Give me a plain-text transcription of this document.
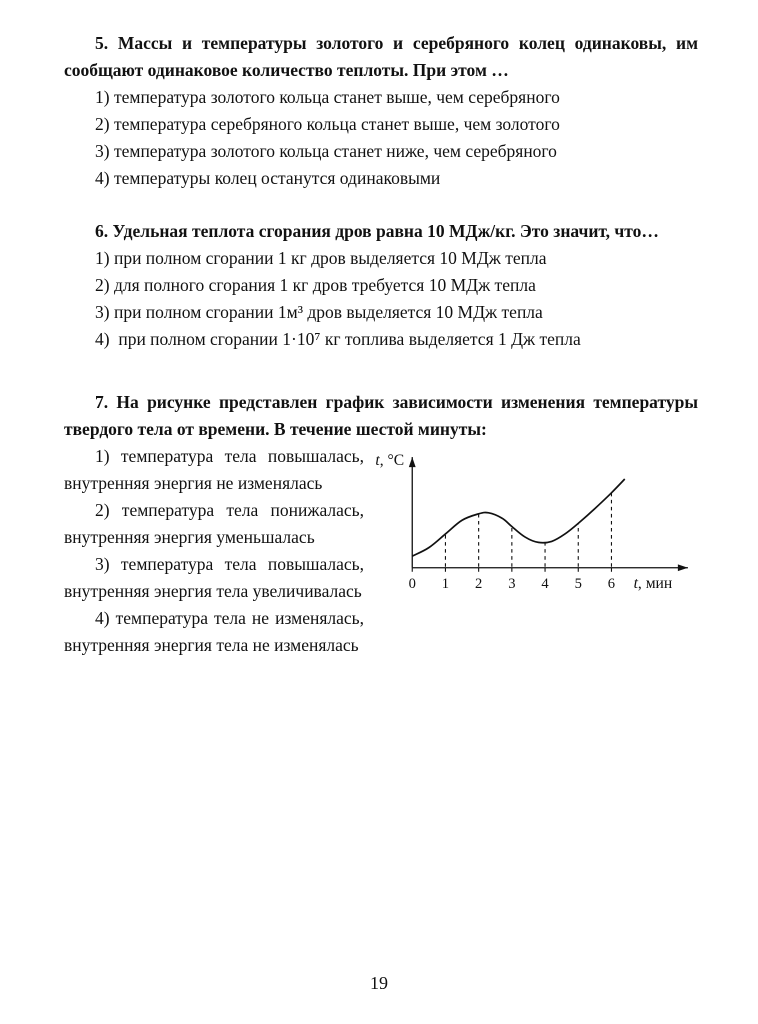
5. Массы и температуры золотого и серебряного колец одинаковы, им сообщают одинаковое количество теплоты. При этом …

1) температура золотого кольца станет выше, чем серебряного

2) температура серебряного кольца станет выше, чем золотого

3) температура золотого кольца станет ниже, чем серебряного

4) температуры колец останутся одинаковыми

6. Удельная теплота сгорания дров равна 10 МДж/кг. Это значит, что…

1) при полном сгорании 1 кг дров выделяется 10 МДж тепла

2) для полного сгорания 1 кг дров требуется 10 МДж тепла

3) при полном сгорании 1м³ дров выделяется 10 МДж тепла

4)  при полном сгорании 1·10⁷ кг топлива выделяется 1 Дж тепла

7. На рисунке представлен график зависимости изменения температуры твердого тела от времени. В течение шестой минуты:

1) температура тела повышалась, внутренняя энергия не изменялась

2) температура тела понижалась, внутренняя энергия уменьшалась

3) температура тела повышалась, внутренняя энергия тела увеличивалась

4) температура тела не изменялась, внутренняя энергия тела не изменялась

0 1 2 3 4 5 6
t, °C
t, мин
19
